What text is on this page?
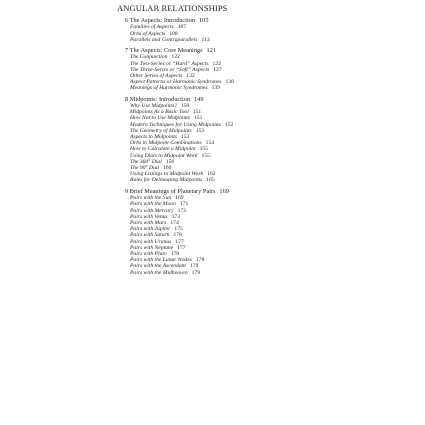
ANGULAR RELATIONSHIPS
6 The Aspects: Introduction 105
Families of Aspects 107
Orbs of Aspects 108
Parallels and Contraparallels 113
7 The Aspects: Core Meanings 121
The Conjunction 122
The Two-Series or “Hard” Aspects 122
The Three-Series or “Soft” Aspects 127
Other Series of Aspects 132
Aspect Patterns or Harmonic Syndromes 136
Meanings of Harmonic Syndromes 139
8 Midpoints: Introduction 149
Why Use Midpoints? 150
Midpoints As a Basic Tool 151
How Not to Use Midpoints 151
Modern Techniques for Using Midpoints 152
The Geometry of Midpoints 153
Aspects to Midpoints 153
Orbs in Midpoint Combinations 154
How to Calculate a Midpoint 155
Using Dials in Midpoint Work 155
The 360° Dial 156
The 90° Dial 160
Using Listings in Midpoint Work 162
Rules for Delineating Midpoints 165
9 Brief Meanings of Planetary Pairs 169
Pairs with the Sun 169
Pairs with the Moon 171
Pairs with Mercury 172
Pairs with Venus 173
Pairs with Mars 174
Pairs with Jupiter 175
Pairs with Saturn 176
Pairs with Uranus 177
Pairs with Neptune 177
Pairs with Pluto 178
Pairs with the Lunar Nodes 178
Pairs with the Ascendant 179
Pairs with the Midheaven 179
